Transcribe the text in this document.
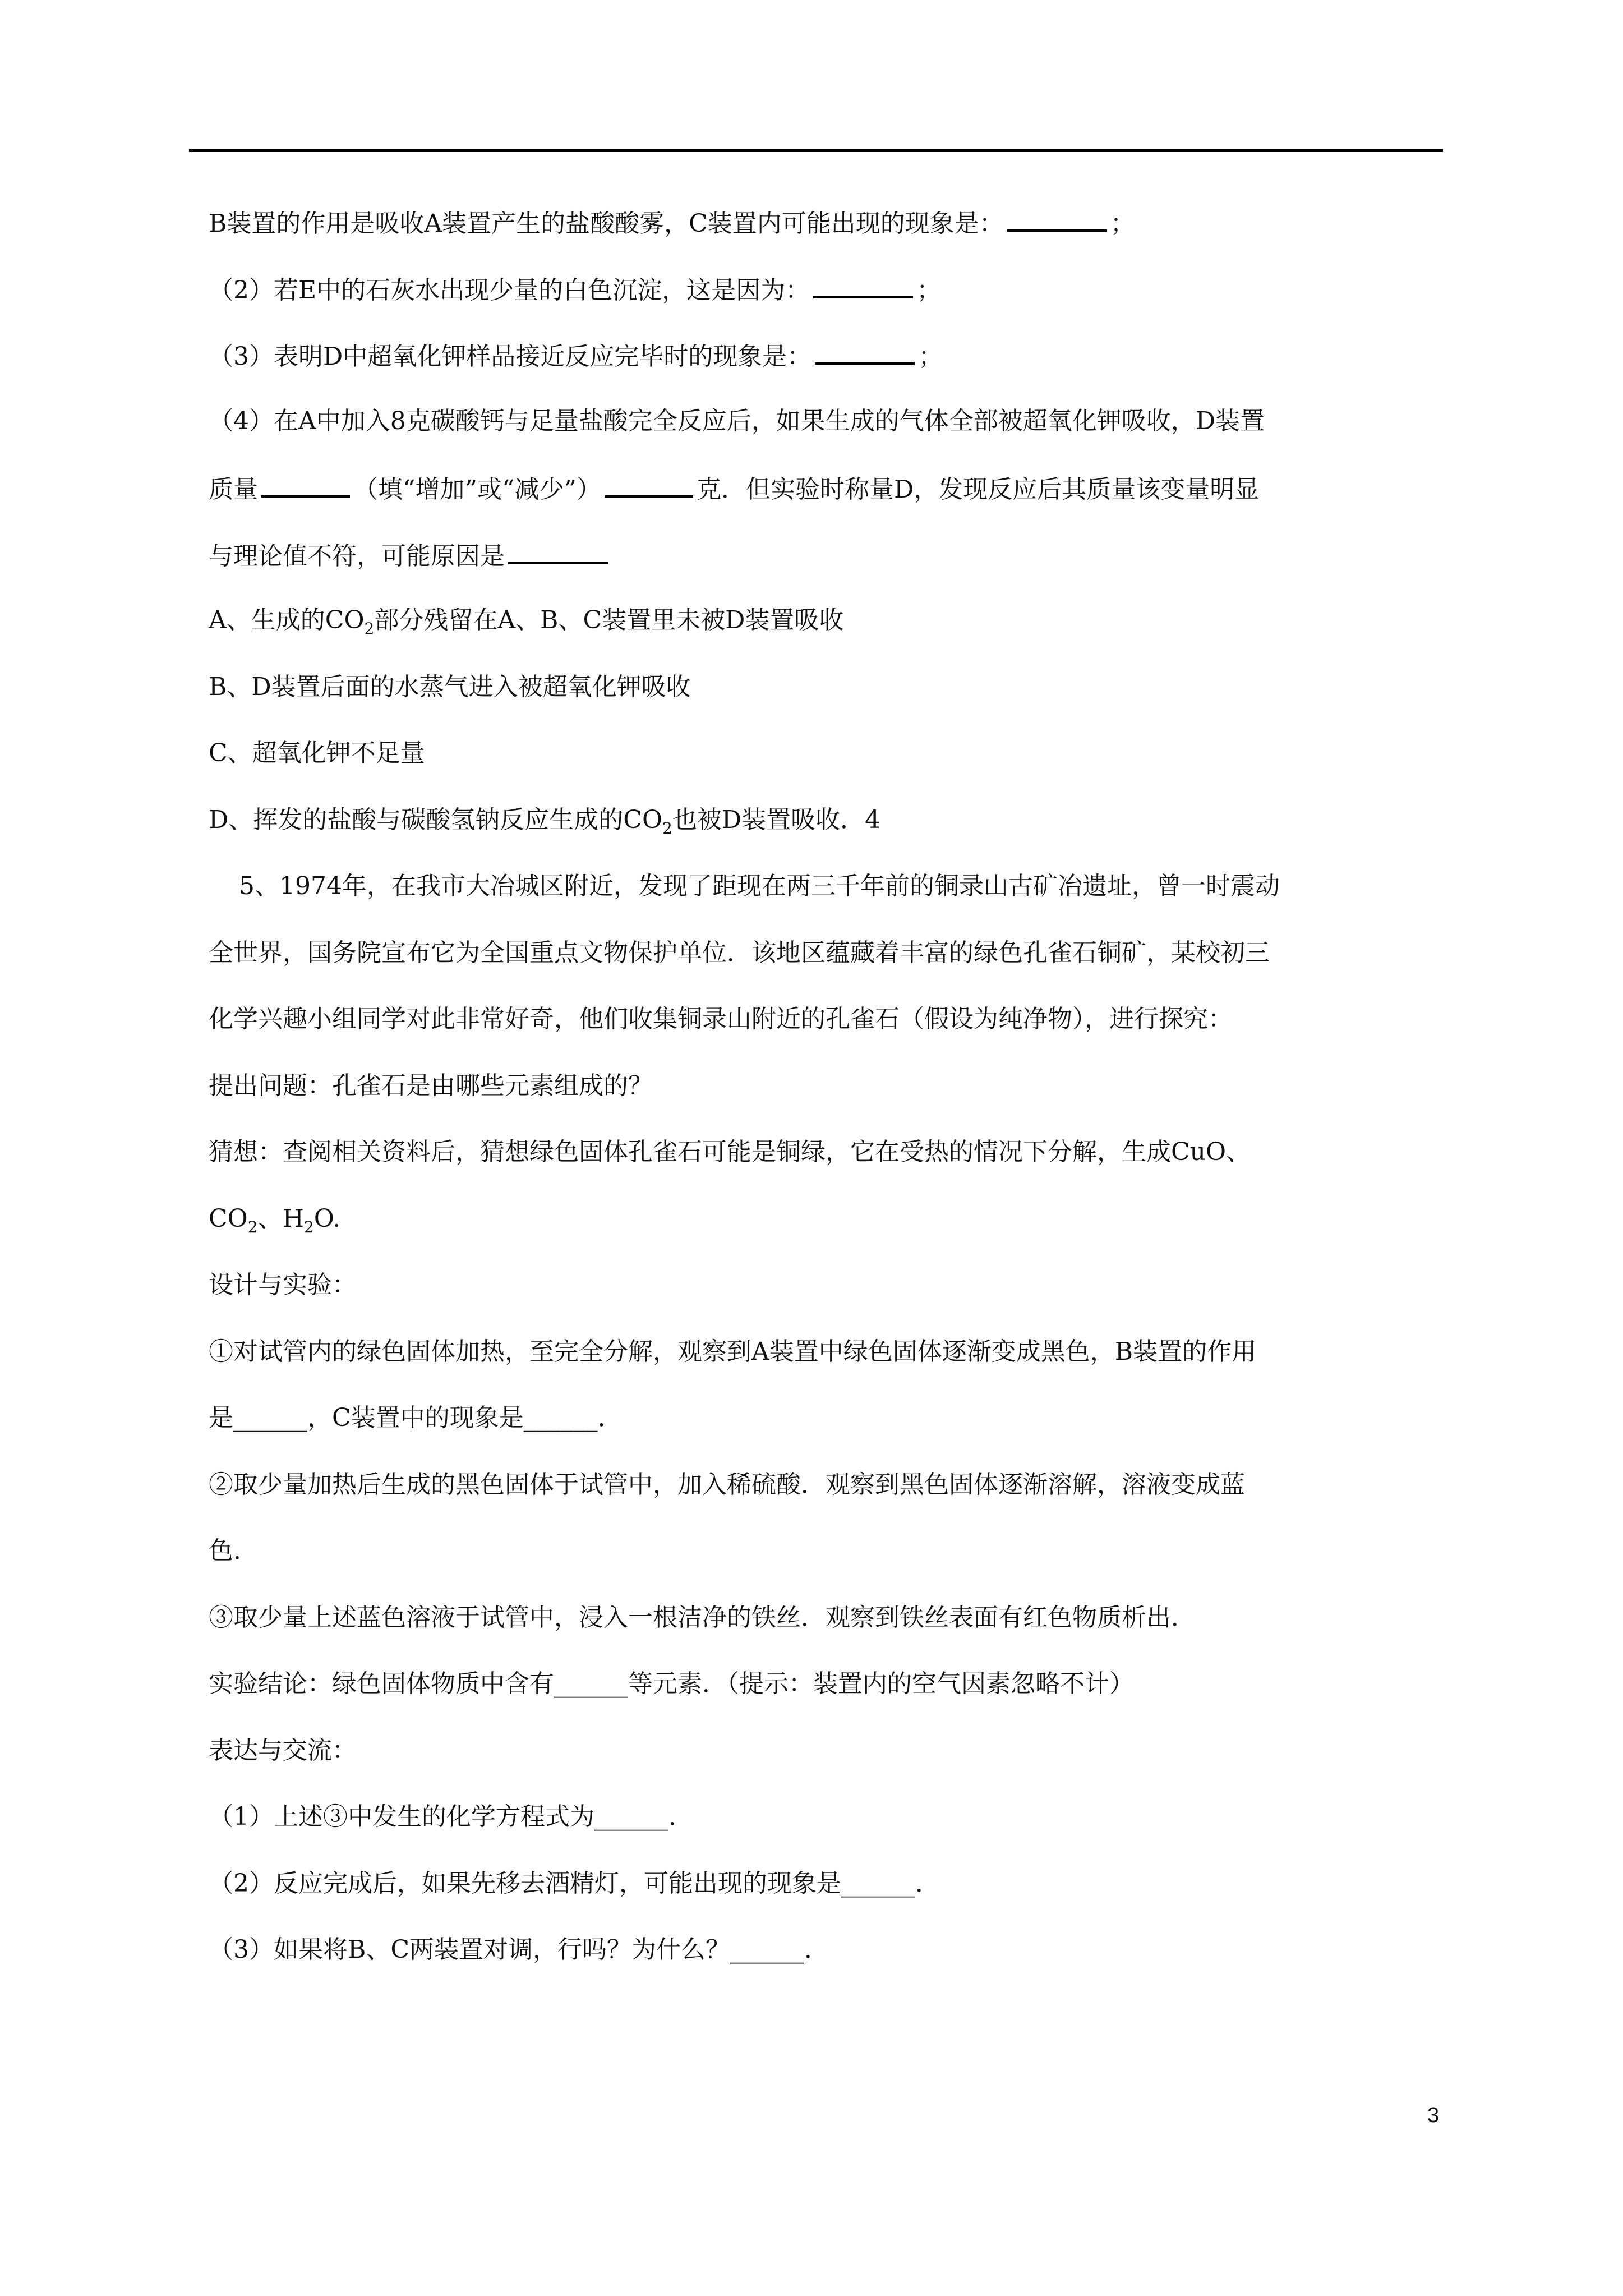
B装置的作用是吸收A装置产生的盐酸酸雾，C装置内可能出现的现象是：	；
（2）若E中的石灰水出现少量的白色沉淀，这是因为：	；
（3）表明D中超氧化钾样品接近反应完毕时的现象是：	；
（4）在A中加入8克碳酸钙与足量盐酸完全反应后，如果生成的气体全部被超氧化钾吸收，D装置
质量	（填“增加”或“减少”）	克．但实验时称量D，发现反应后其质量该变量明显
与理论值不符，可能原因是
A、生成的$CO_2$部分残留在A、B、C装置里未被D装置吸收
B、D装置后面的水蒸气进入被超氧化钾吸收
C、超氧化钾不足量
D、挥发的盐酸与碳酸氢钠反应生成的$CO_2$也被D装置吸收．4
5、1974年，在我市大冶城区附近，发现了距现在两三千年前的铜录山古矿冶遗址，曾一时震动
全世界，国务院宣布它为全国重点文物保护单位．该地区蕴藏着丰富的绿色孔雀石铜矿，某校初三
化学兴趣小组同学对此非常好奇，他们收集铜录山附近的孔雀石（假设为纯净物），进行探究：
提出问题：孔雀石是由哪些元素组成的？
猜想：查阅相关资料后，猜想绿色固体孔雀石可能是铜绿，它在受热的情况下分解，生成CuO、
$CO_2$、$H_2O$.
设计与实验：
①对试管内的绿色固体加热，至完全分解，观察到A装置中绿色固体逐渐变成黑色，B装置的作用
是______，C装置中的现象是______．
②取少量加热后生成的黑色固体于试管中，加入稀硫酸．观察到黑色固体逐渐溶解，溶液变成蓝
色．
③取少量上述蓝色溶液于试管中，浸入一根洁净的铁丝．观察到铁丝表面有红色物质析出．
实验结论：绿色固体物质中含有______等元素．（提示：装置内的空气因素忽略不计）
表达与交流：
（1）上述③中发生的化学方程式为______．
（2）反应完成后，如果先移去酒精灯，可能出现的现象是______．
（3）如果将B、C两装置对调，行吗？为什么？______．
3
